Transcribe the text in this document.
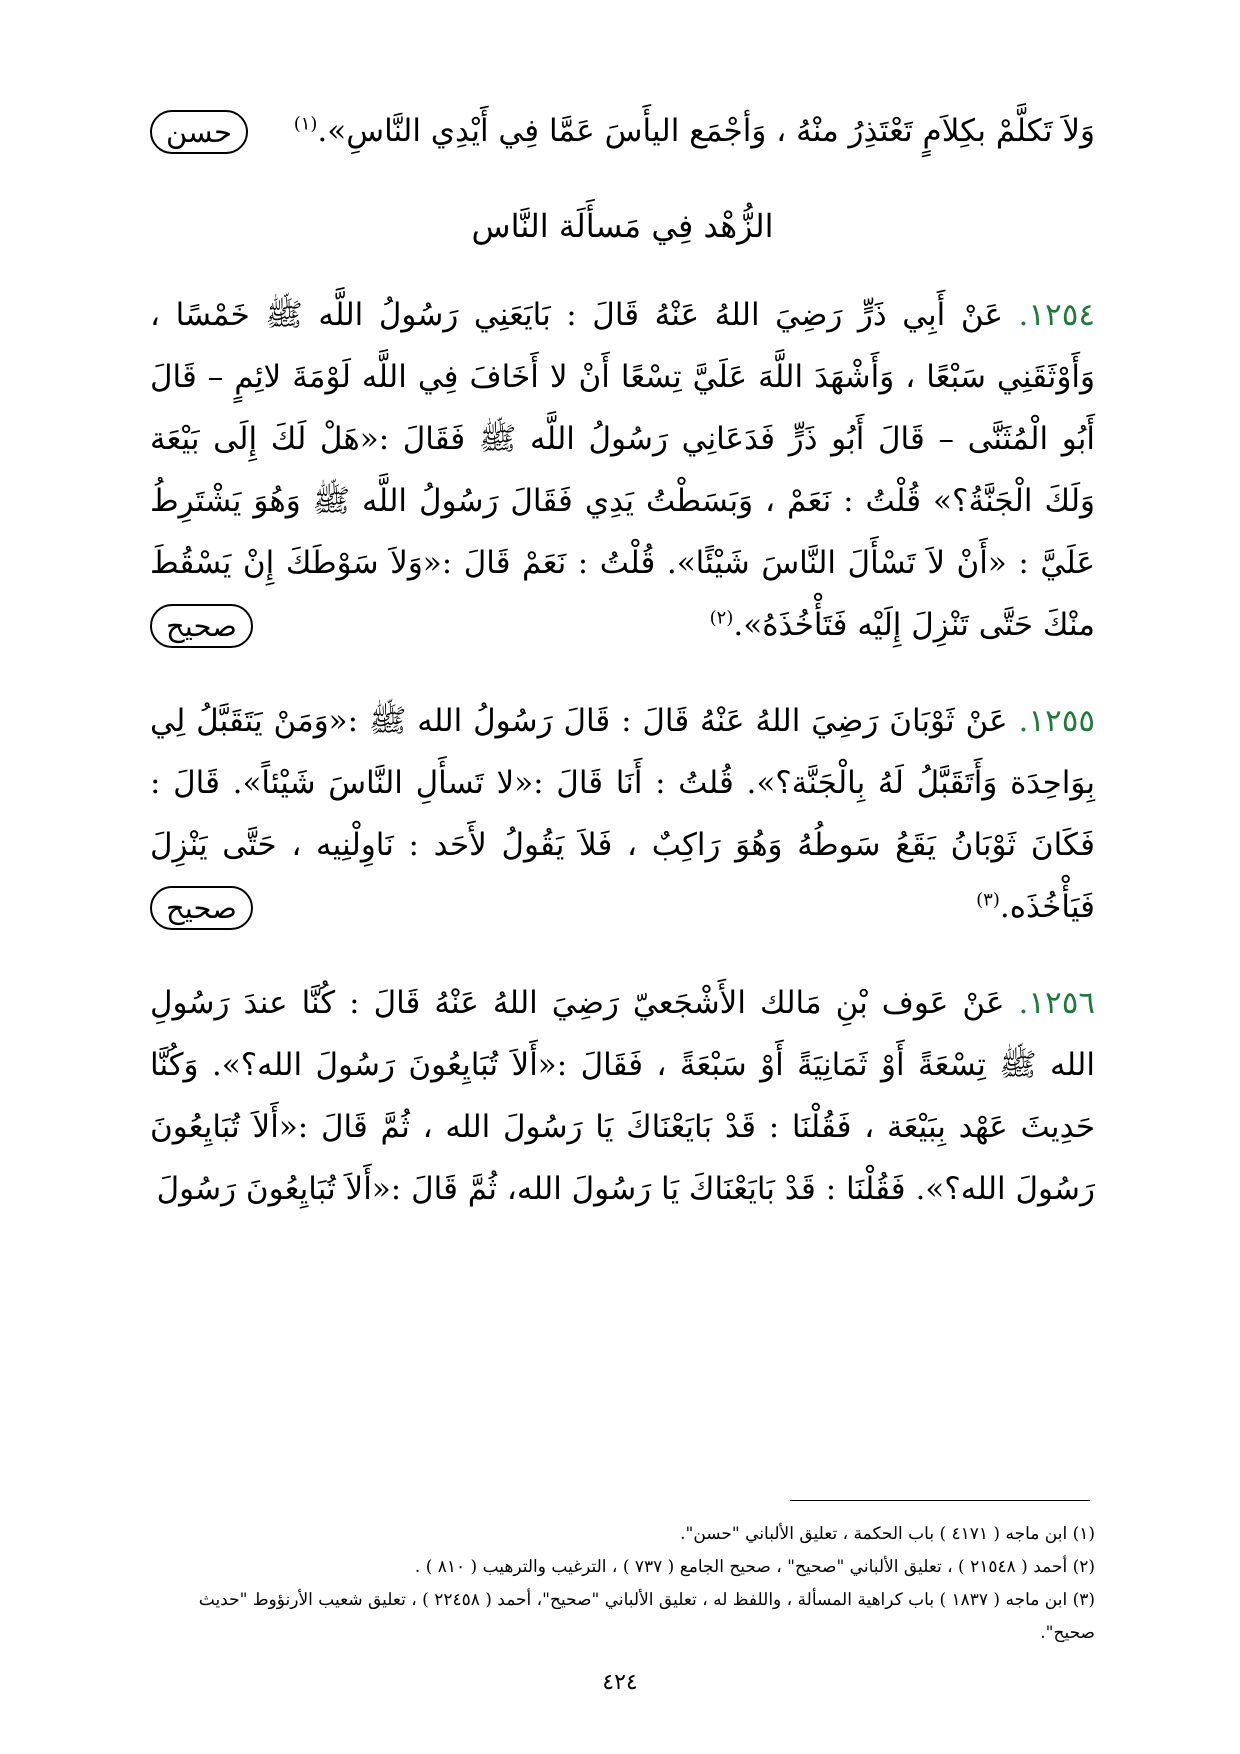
وَلاَ تَكلَّمْ بكِلاَمٍ تَعْتَذِرُ منْهُ ، وَأجْمَع اليأَسَ عَمَّا فِي أَيْدِي النَّاسِ».$^{(١)}$
حسن

الزُّهْد فِي مَسأَلَة النَّاس

١٢٥٤. عَنْ أَبِي ذَرٍّ رَضِيَ اللهُ عَنْهُ قَالَ : بَايَعَنِي رَسُولُ اللَّه ﷺ خَمْسًا ، وَأَوْثَقَنِي سَبْعًا ، وَأَشْهَدَ اللَّهَ عَلَيَّ تِسْعًا أَنْ لا أَخَافَ فِي اللَّه لَوْمَةَ لائِمٍ – قَالَ أَبُو الْمُثَنَّى – قَالَ أَبُو ذَرٍّ فَدَعَانِي رَسُولُ اللَّه ﷺ فَقَالَ :«هَلْ لَكَ إِلَى بَيْعَة وَلَكَ الْجَنَّةُ؟» قُلْتُ : نَعَمْ ، وَبَسَطْتُ يَدِي فَقَالَ رَسُولُ اللَّه ﷺ وَهُوَ يَشْتَرِطُ عَلَيَّ : «أَنْ لاَ تَسْأَلَ النَّاسَ شَيْئًا». قُلْتُ : نَعَمْ قَالَ :«وَلاَ سَوْطَكَ إِنْ يَسْقُطَ منْكَ حَتَّى تَنْزِلَ إِلَيْه فَتَأْخُذَهُ».$^{(٢)}$
صحيح

١٢٥٥. عَنْ ثَوْبَانَ رَضِيَ اللهُ عَنْهُ قَالَ : قَالَ رَسُولُ الله ﷺ :«وَمَنْ يَتَقَبَّلُ لِي بِوَاحِدَة وَأَتَقَبَّلُ لَهُ بِالْجَنَّة؟». قُلتُ : أَنَا قَالَ :«لا تَسأَلِ النَّاسَ شَيْئاً». قَالَ : فَكَانَ ثَوْبَانُ يَقَعُ سَوطُهُ وَهُوَ رَاكِبٌ ، فَلاَ يَقُولُ لأَحَد : نَاوِلْنِيه ، حَتَّى يَنْزِلَ فَيَأْخُذَه.$^{(٣)}$
صحيح

١٢٥٦. عَنْ عَوف بْنِ مَالك الأَشْجَعيّ رَضِيَ اللهُ عَنْهُ قَالَ : كُنَّا عندَ رَسُولِ الله ﷺ تِسْعَةً أَوْ ثَمَانِيَةً أَوْ سَبْعَةً ، فَقَالَ :«أَلاَ تُبَايِعُونَ رَسُولَ الله؟». وَكُنَّا حَدِيثَ عَهْد بِبَيْعَة ، فَقُلْنَا : قَدْ بَايَعْنَاكَ يَا رَسُولَ الله ، ثُمَّ قَالَ :«أَلاَ تُبَايِعُونَ رَسُولَ الله؟». فَقُلْنَا : قَدْ بَايَعْنَاكَ يَا رَسُولَ الله، ثُمَّ قَالَ :«أَلاَ تُبَايِعُونَ رَسُولَ

(١) ابن ماجه ( ٤١٧١ ) باب الحكمة ، تعليق الألباني "حسن".

(٢) أحمد ( ٢١٥٤٨ ) ، تعليق الألباني "صحيح" ، صحيح الجامع ( ٧٣٧ ) ، الترغيب والترهيب ( ٨١٠ ) .

(٣) ابن ماجه ( ١٨٣٧ ) باب كراهية المسألة ، واللفظ له ، تعليق الألباني "صحيح"، أحمد ( ٢٢٤٥٨ ) ، تعليق شعيب الأرنؤوط "حديث صحيح".

٤٢٤
